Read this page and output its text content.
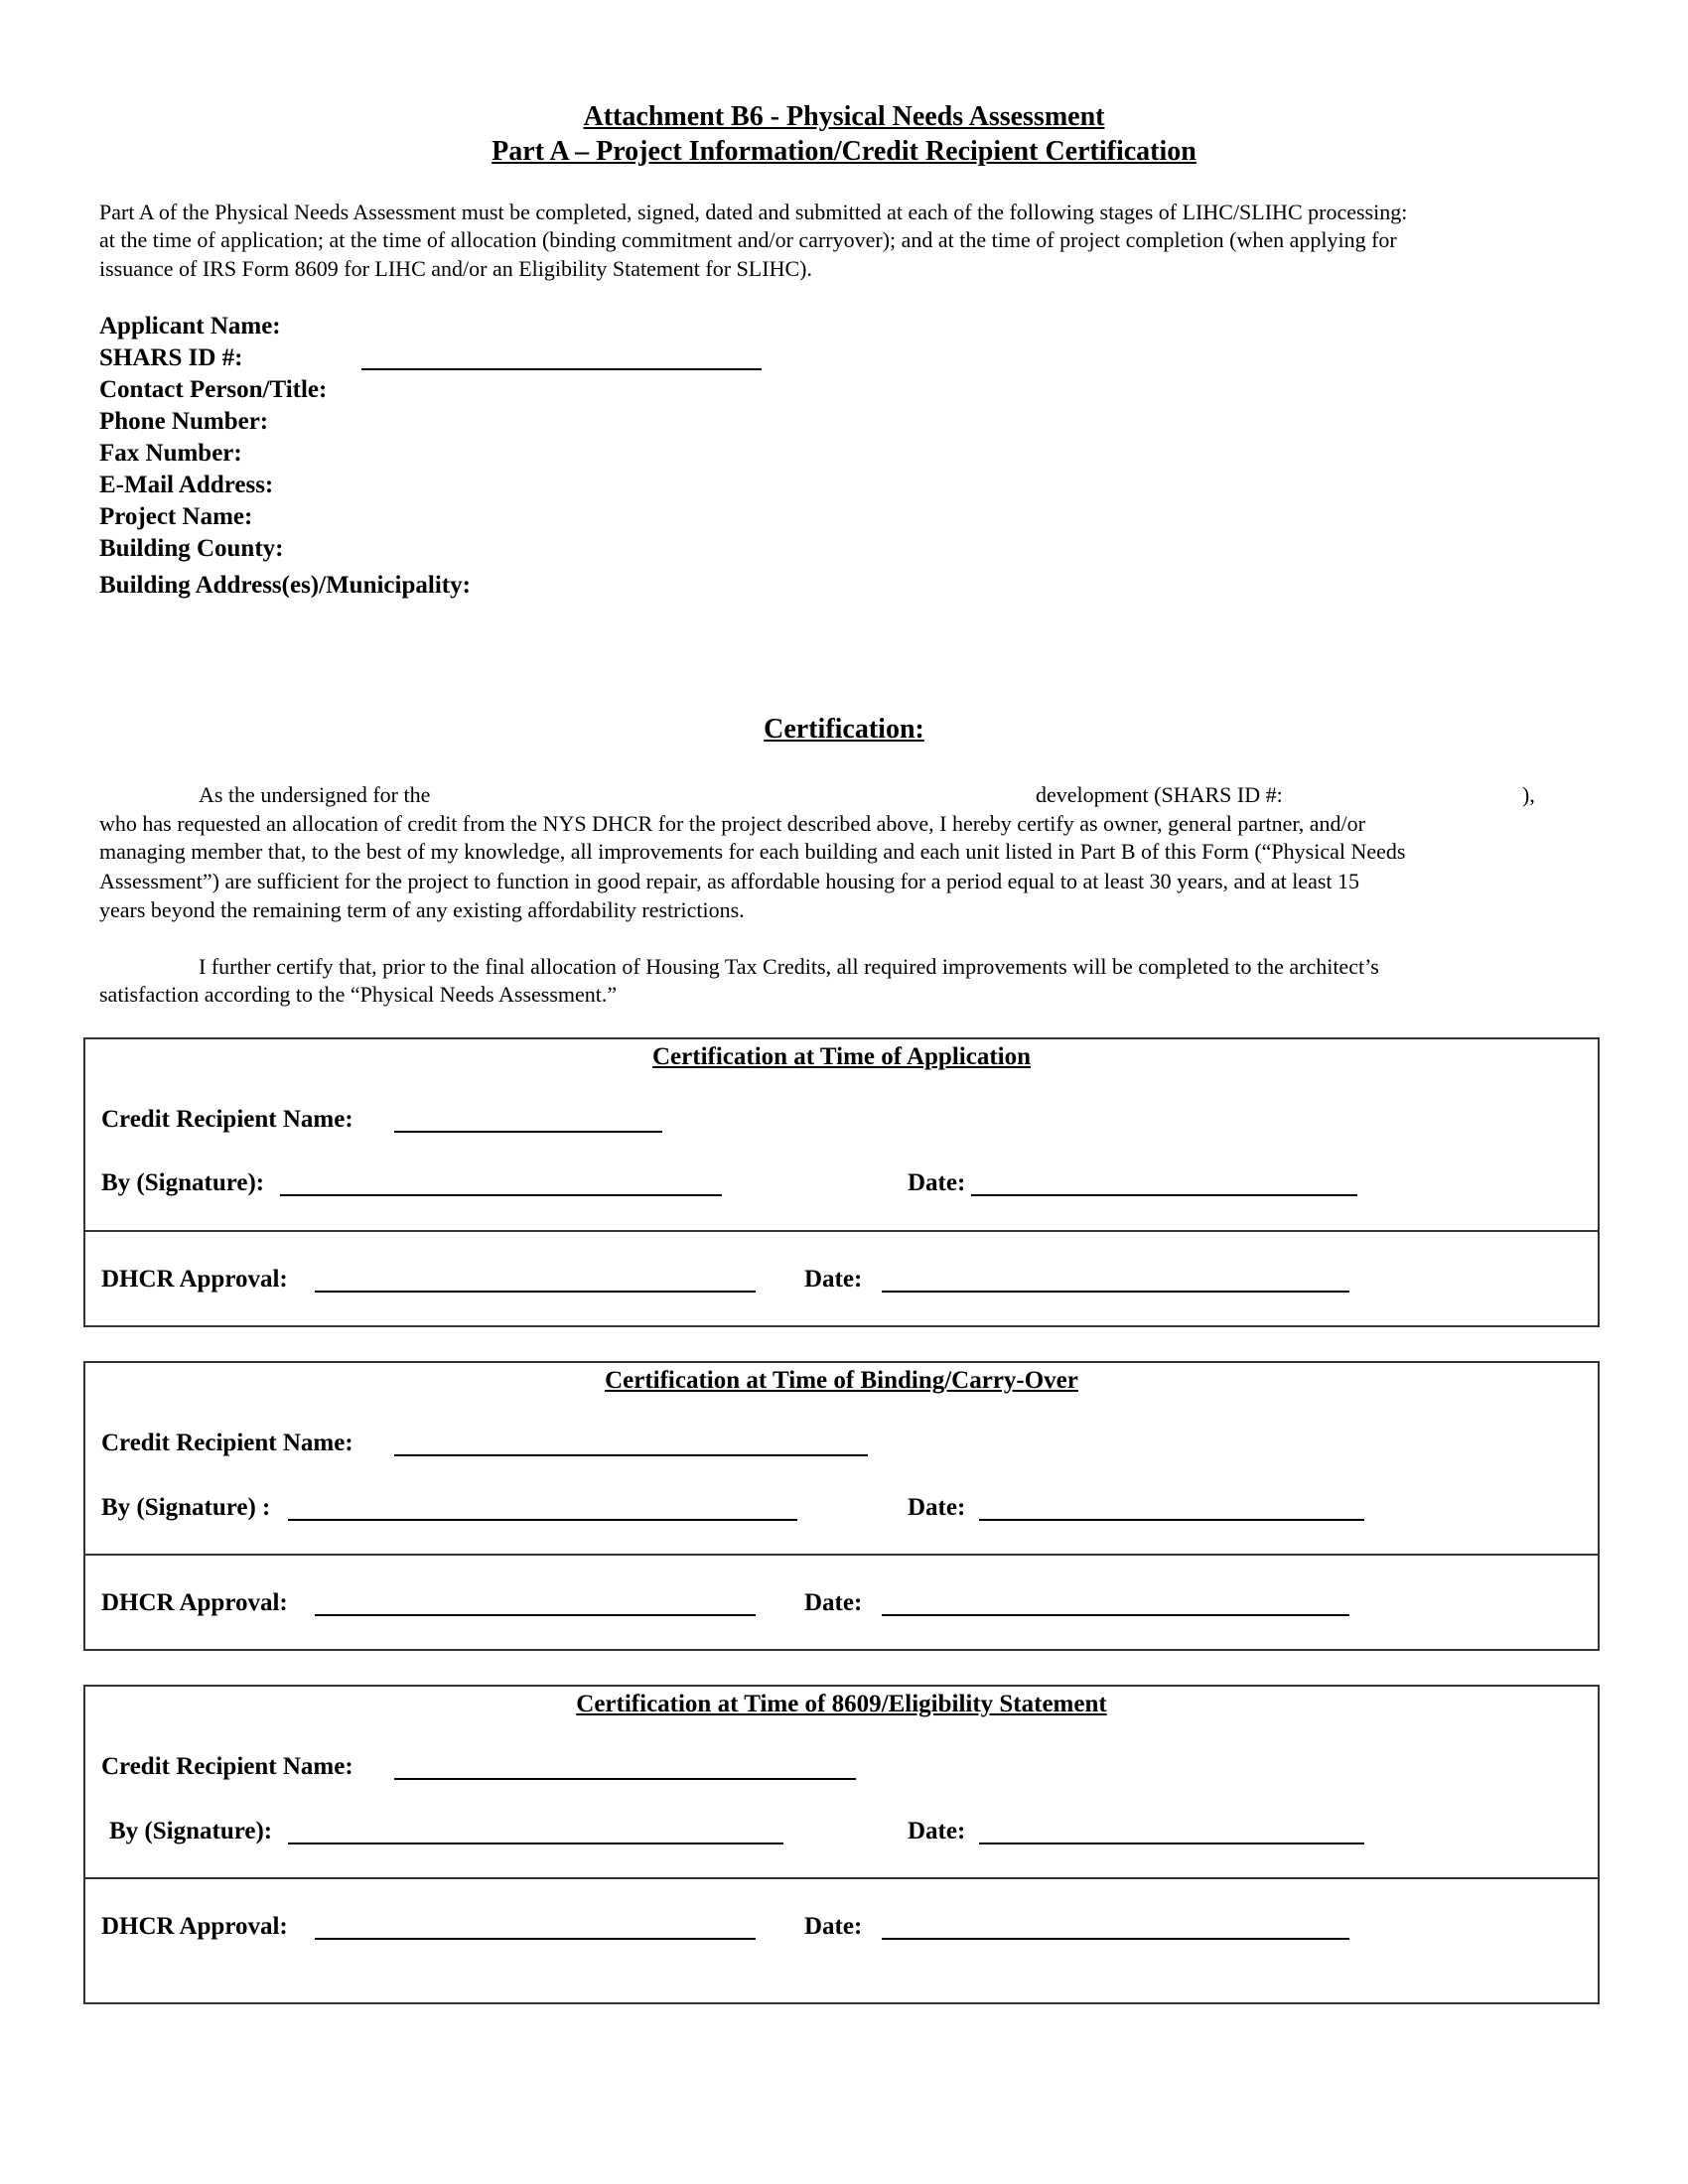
Attachment B6 - Physical Needs Assessment
Part A – Project Information/Credit Recipient Certification
Part A of the Physical Needs Assessment must be completed, signed, dated and submitted at each of the following stages of LIHC/SLIHC processing:
at the time of application; at the time of allocation (binding commitment and/or carryover); and at the time of project completion (when applying for
issuance of IRS Form 8609 for LIHC and/or an Eligibility Statement for SLIHC).
Applicant Name:
SHARS ID #:
Contact Person/Title:
Phone Number:
Fax Number:
E-Mail Address:
Project Name:
Building County:
Building Address(es)/Municipality:
Certification:
As the undersigned for the	development (SHARS ID #:	),
who has requested an allocation of credit from the NYS DHCR for the project described above, I hereby certify as owner, general partner, and/or
managing member that, to the best of my knowledge, all improvements for each building and each unit listed in Part B of this Form (“Physical Needs
Assessment”) are sufficient for the project to function in good repair, as affordable housing for a period equal to at least 30 years, and at least 15
years beyond the remaining term of any existing affordability restrictions.
I further certify that, prior to the final allocation of Housing Tax Credits, all required improvements will be completed to the architect’s
satisfaction according to the “Physical Needs Assessment.”
Certification at Time of Application
Credit Recipient Name:
By (Signature):	Date:
DHCR Approval:	Date:
Certification at Time of Binding/Carry-Over
Credit Recipient Name:
By (Signature) :	Date:
DHCR Approval:	Date:
Certification at Time of 8609/Eligibility Statement
Credit Recipient Name:
By (Signature):	Date:
DHCR Approval:	Date:
